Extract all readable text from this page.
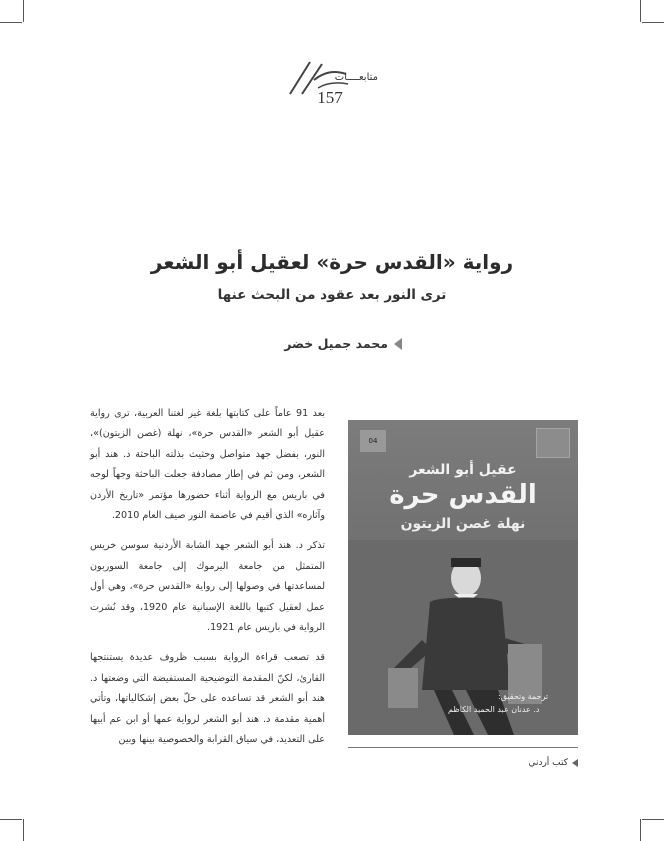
متابعــــات
157
رواية «القدس حرة» لعقيل أبو الشعر
ترى النور بعد عقود من البحث عنها
محمد جميل خضر

بعد 91 عاماً على كتابتها بلغة غير لغتنا العربية، ترى رواية عقيل أبو الشعر «القدس حرة»، نهلة (غصن الزيتون)»، النور، بفضل جهد متواصل وحثيث بذلته الباحثة د. هند أبو الشعر، ومن ثم في إطار مصادفة جعلت الباحثة وجهاً لوجه في باريس مع الرواية أثناء حضورها مؤتمر «تاريخ الأردن وآثاره» الذي أقيم في عاصمة النور صيف العام 2010.

تذكر د. هند أبو الشعر جهد الشابة الأردنية سوسن خريس المتمثل من جامعة اليرموك إلى جامعة السوربون لمساعدتها في وصولها إلى رواية «القدس حرة»، وهي أول عمل لعقيل كتبها باللغة الإسبانية عام 1920، وقد نُشرت الرواية في باريس عام 1921.

قد تصعب قراءة الرواية بسبب ظروف عديدة يستنتجها القارئ، لكنّ المقدمة التوضيحية المستفيضة التي وضعتها د. هند أبو الشعر قد تساعده على حلّ بعض إشكالياتها، وتأتي أهمية مقدمة د. هند أبو الشعر لرواية عمها أو ابن عم أبيها على التعديد، في سياق القرابة والخصوصية بينها وبين

04
عقيل أبو الشعر
القدس حرة
نهلة غصن الزيتون
ترجمة وتحقيق:
د. عدنان عبد الحميد الكاظم
كتب أردني
